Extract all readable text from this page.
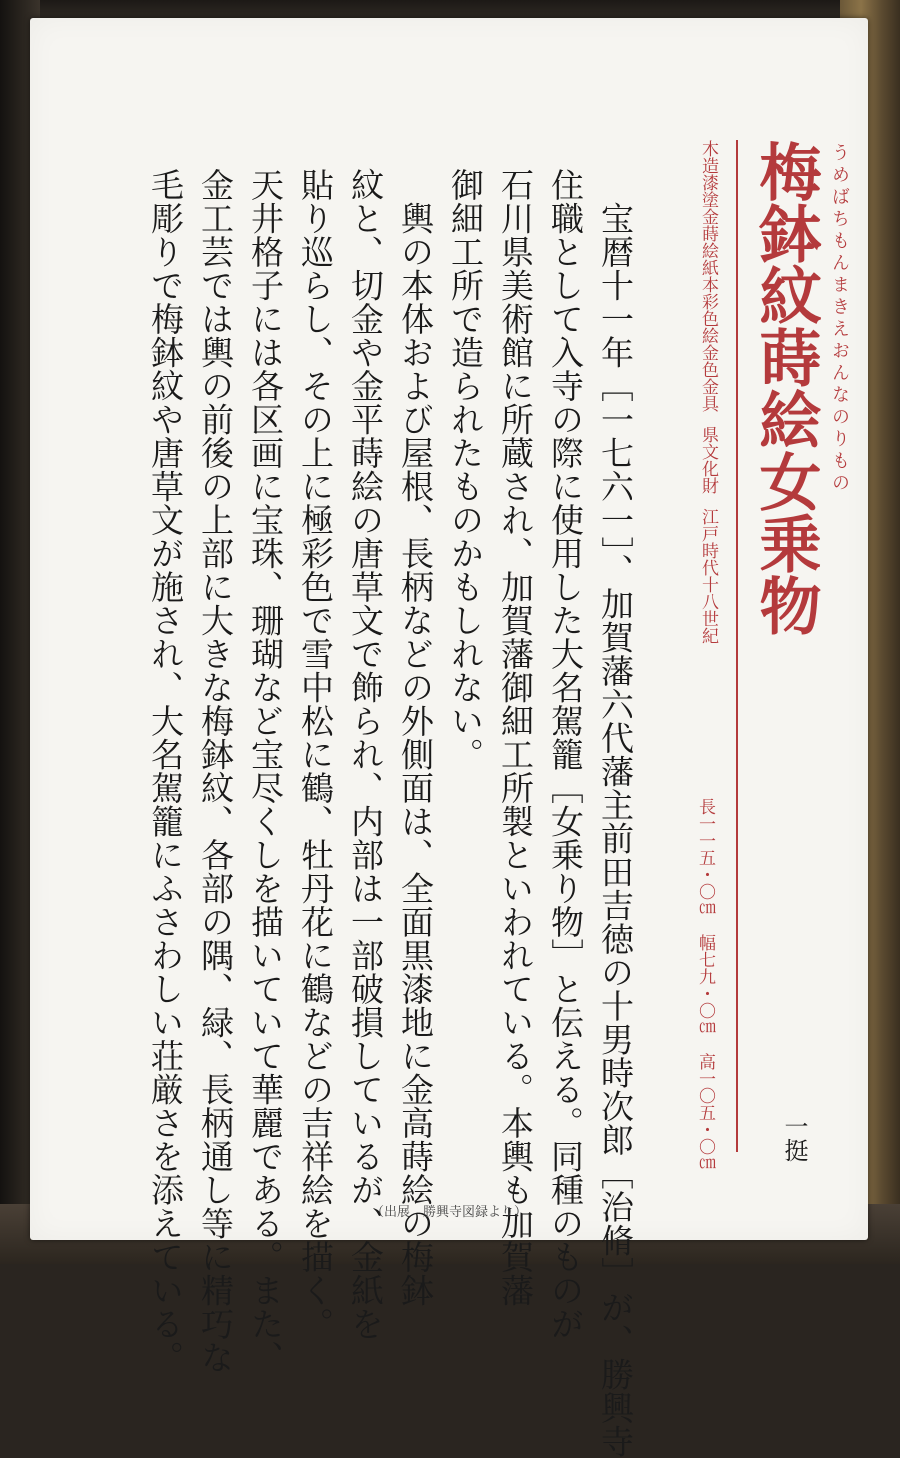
うめばちもんまきえおんなのりもの
梅鉢紋蒔絵女乗物
木造漆塗金蒔絵紙本彩色絵金色金具県文化財江戸時代十八世紀
長一一五・〇㎝　幅七九・〇㎝　高一〇五・〇㎝	一挺
　宝暦十一年［一七六一］、加賀藩六代藩主前田吉徳の十男時次郎［治脩］が、勝興寺
住職として入寺の際に使用した大名駕籠［女乗り物］と伝える。同種のものが
石川県美術館に所蔵され、加賀藩御細工所製といわれている。本輿も加賀藩
御細工所で造られたものかもしれない。
　輿の本体および屋根、長柄などの外側面は、全面黒漆地に金高蒔絵の梅鉢
紋と、切金や金平蒔絵の唐草文で飾られ、内部は一部破損しているが、金紙を
貼り巡らし、その上に極彩色で雪中松に鶴、牡丹花に鶴などの吉祥絵を描く。
天井格子には各区画に宝珠、珊瑚など宝尽くしを描いていて華麗である。また、
金工芸では輿の前後の上部に大きな梅鉢紋、各部の隅、緑、長柄通し等に精巧な
毛彫りで梅鉢紋や唐草文が施され、大名駕籠にふさわしい荘厳さを添えている。	（出展　勝興寺図録より）
